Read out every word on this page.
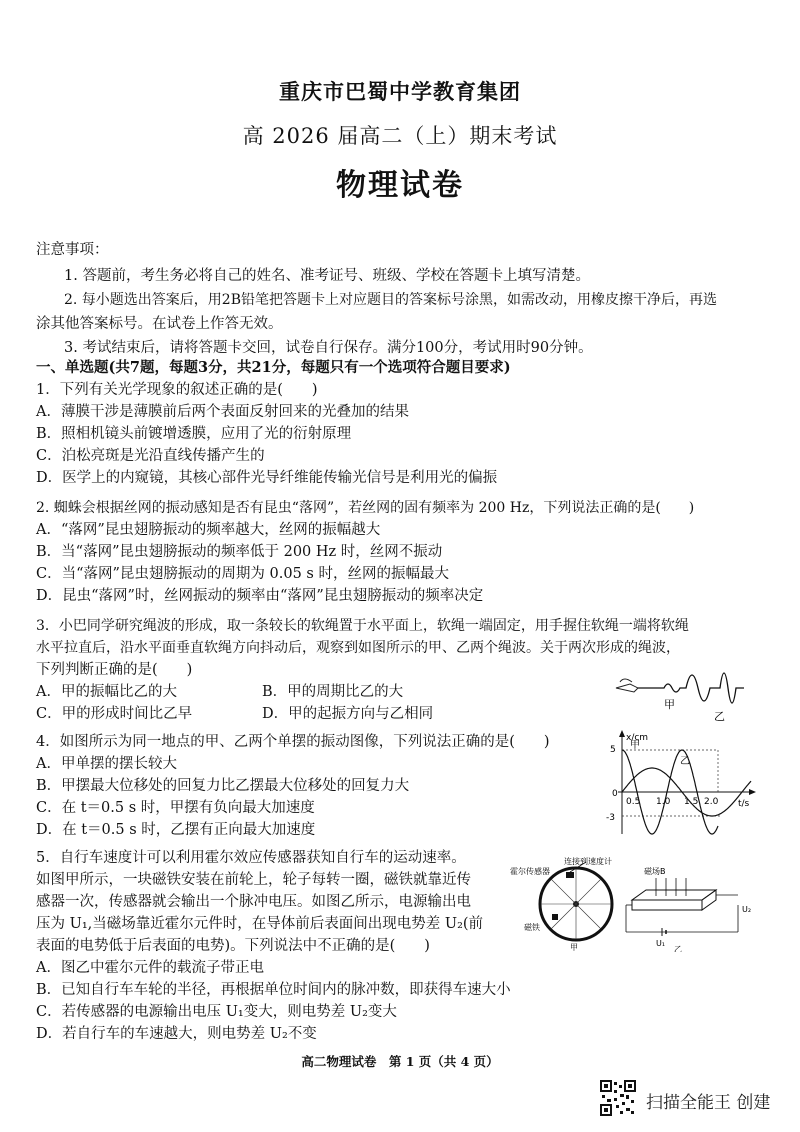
重庆市巴蜀中学教育集团
高 2026 届高二（上）期末考试
物理试卷
注意事项：
1. 答题前，考生务必将自己的姓名、准考证号、班级、学校在答题卡上填写清楚。
2. 每小题选出答案后，用2B铅笔把答题卡上对应题目的答案标号涂黑，如需改动，用橡皮擦干净后，再选
涂其他答案标号。在试卷上作答无效。
3. 考试结束后，请将答题卡交回，试卷自行保存。满分100分，考试用时90分钟。
一、单选题(共7题，每题3分，共21分，每题只有一个选项符合题目要求)
1．下列有关光学现象的叙述正确的是(　　)
A．薄膜干涉是薄膜前后两个表面反射回来的光叠加的结果
B．照相机镜头前镀增透膜，应用了光的衍射原理
C．泊松亮斑是光沿直线传播产生的
D．医学上的内窥镜，其核心部件光导纤维能传输光信号是利用光的偏振
2. 蜘蛛会根据丝网的振动感知是否有昆虫“落网”，若丝网的固有频率为 200 Hz，下列说法正确的是(　　)
A．“落网”昆虫翅膀振动的频率越大，丝网的振幅越大
B．当“落网”昆虫翅膀振动的频率低于 200 Hz 时，丝网不振动
C．当“落网”昆虫翅膀振动的周期为 0.05 s 时，丝网的振幅最大
D．昆虫“落网”时，丝网振动的频率由“落网”昆虫翅膀振动的频率决定
3．小巴同学研究绳波的形成，取一条较长的软绳置于水平面上，软绳一端固定，用手握住软绳一端将软绳
水平拉直后，沿水平面垂直软绳方向抖动后，观察到如图所示的甲、乙两个绳波。关于两次形成的绳波，
下列判断正确的是(　　)
A．甲的振幅比乙的大	B．甲的周期比乙的大
C．甲的形成时间比乙早	D．甲的起振方向与乙相同
甲
乙
4．如图所示为同一地点的甲、乙两个单摆的振动图像，下列说法正确的是(　　)
A．甲单摆的摆长较大
B．甲摆最大位移处的回复力比乙摆最大位移处的回复力大
C．在 t＝0.5 s 时，甲摆有负向最大加速度
D．在 t＝0.5 s 时，乙摆有正向最大加速度
x/cm
t/s
5
-3
0
0.5 1.0 1.5 2.0
甲
乙
5．自行车速度计可以利用霍尔效应传感器获知自行车的运动速率。
如图甲所示，一块磁铁安装在前轮上，轮子每转一圈，磁铁就靠近传
感器一次，传感器就会输出一个脉冲电压。如图乙所示，电源输出电
压为 U₁,当磁场靠近霍尔元件时，在导体前后表面间出现电势差 U₂(前
表面的电势低于后表面的电势)。下列说法中不正确的是(　　)
A．图乙中霍尔元件的载流子带正电
B．已知自行车车轮的半径，再根据单位时间内的脉冲数，即获得车速大小
C．若传感器的电源输出电压 U₁变大，则电势差 U₂变大
D．若自行车的车速越大，则电势差 U₂不变
霍尔传感器
连接到速度计
磁铁
甲
磁场B
U₁
U₂
乙
高二物理试卷　第 1 页（共 4 页）
扫描全能王 创建
